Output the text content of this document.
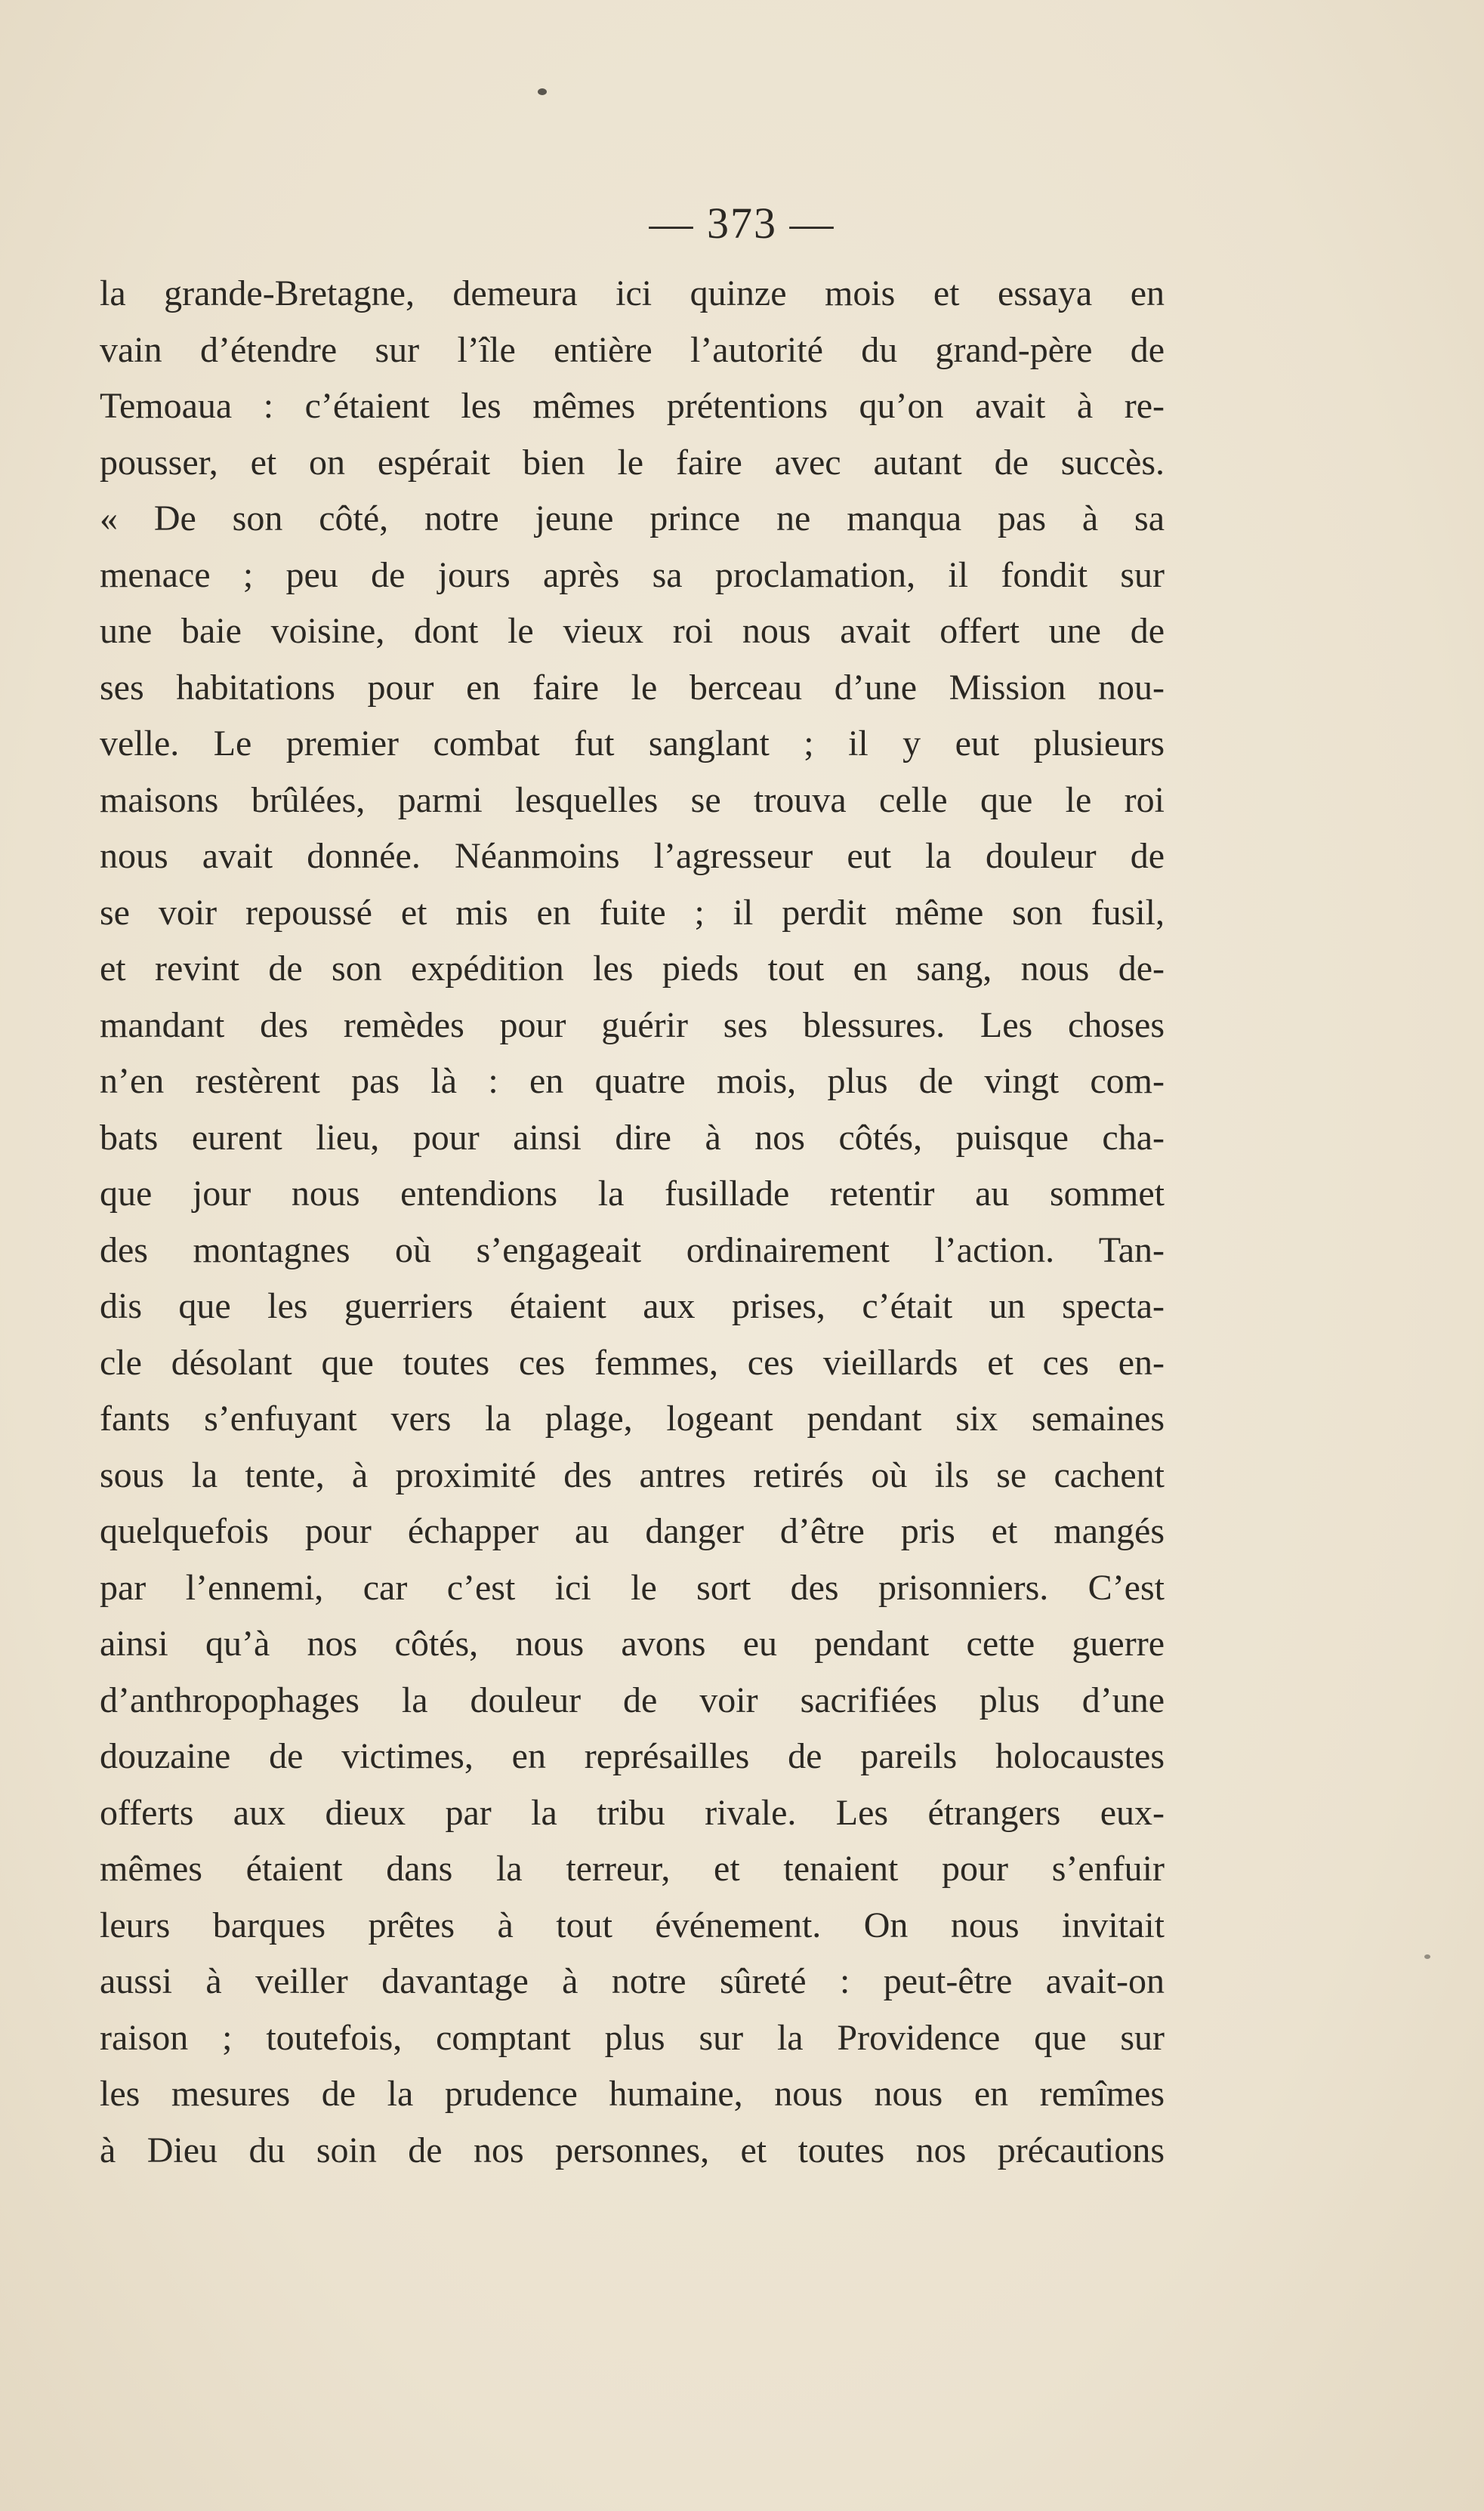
— 373 —
la grande-Bretagne, demeura ici quinze mois et essaya en
vain d’étendre sur l’île entière l’autorité du grand-père de
Temoaua : c’étaient les mêmes prétentions qu’on avait à re-
pousser, et on espérait bien le faire avec autant de succès.
« De son côté, notre jeune prince ne manqua pas à sa
menace ; peu de jours après sa proclamation, il fondit sur
une baie voisine, dont le vieux roi nous avait offert une de
ses habitations pour en faire le berceau d’une Mission nou-
velle. Le premier combat fut sanglant ; il y eut plusieurs
maisons brûlées, parmi lesquelles se trouva celle que le roi
nous avait donnée. Néanmoins l’agresseur eut la douleur de
se voir repoussé et mis en fuite ; il perdit même son fusil,
et revint de son expédition les pieds tout en sang, nous de-
mandant des remèdes pour guérir ses blessures. Les choses
n’en restèrent pas là : en quatre mois, plus de vingt com-
bats eurent lieu, pour ainsi dire à nos côtés, puisque cha-
que jour nous entendions la fusillade retentir au sommet
des montagnes où s’engageait ordinairement l’action. Tan-
dis que les guerriers étaient aux prises, c’était un specta-
cle désolant que toutes ces femmes, ces vieillards et ces en-
fants s’enfuyant vers la plage, logeant pendant six semaines
sous la tente, à proximité des antres retirés où ils se cachent
quelquefois pour échapper au danger d’être pris et mangés
par l’ennemi, car c’est ici le sort des prisonniers. C’est
ainsi qu’à nos côtés, nous avons eu pendant cette guerre
d’anthropophages la douleur de voir sacrifiées plus d’une
douzaine de victimes, en représailles de pareils holocaustes
offerts aux dieux par la tribu rivale. Les étrangers eux-
mêmes étaient dans la terreur, et tenaient pour s’enfuir
leurs barques prêtes à tout événement. On nous invitait
aussi à veiller davantage à notre sûreté : peut-être avait-on
raison ; toutefois, comptant plus sur la Providence que sur
les mesures de la prudence humaine, nous nous en remîmes
à Dieu du soin de nos personnes, et toutes nos précautions
